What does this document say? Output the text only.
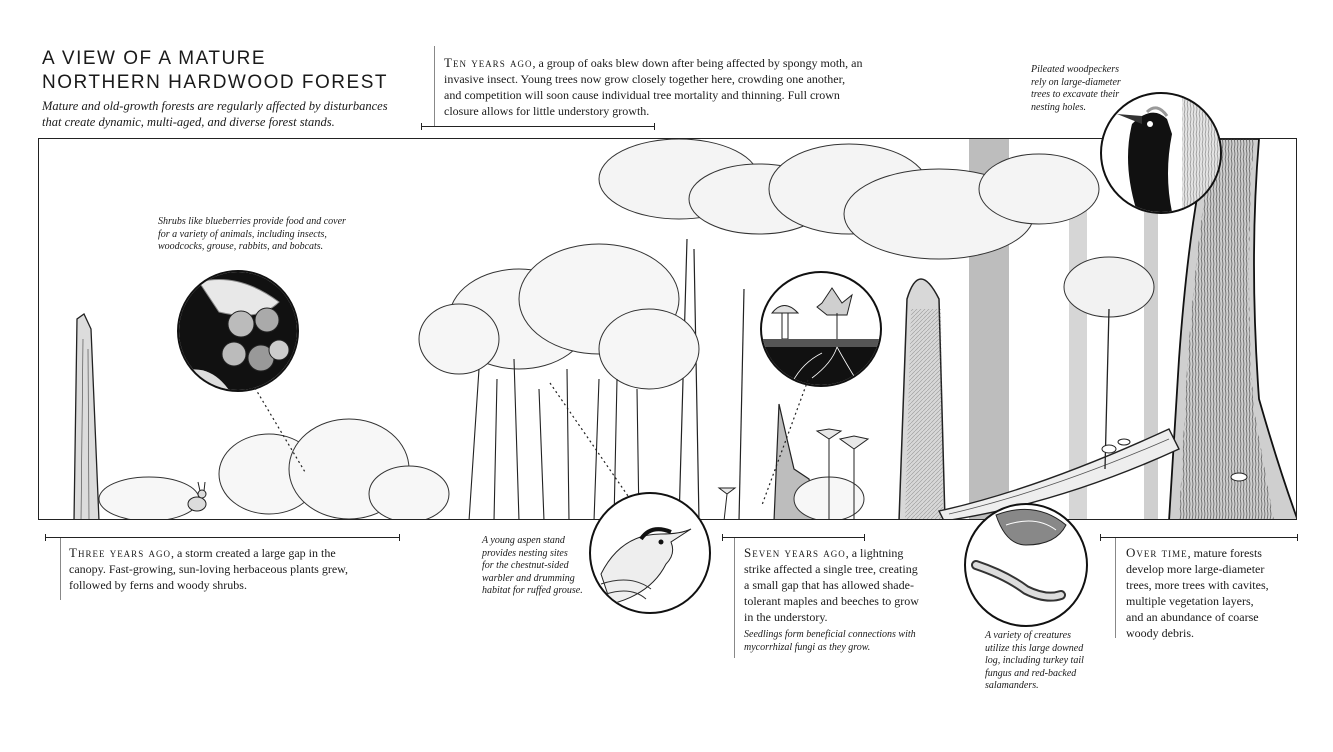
A VIEW OF A MATURE
NORTHERN HARDWOOD FOREST
Mature and old-growth forests are regularly affected by disturbances
that create dynamic, multi-aged, and diverse forest stands.
Ten years ago, a group of oaks blew down after being affected by spongy moth, an
invasive insect. Young trees now grow closely together here, crowding one another,
and competition will soon cause individual tree mortality and thinning. Full crown
closure allows for little understory growth.
Pileated woodpeckers
rely on large-diameter
trees to excavate their
nesting holes.
Shrubs like blueberries provide food and cover
for a variety of animals, including insects,
woodcocks, grouse, rabbits, and bobcats.
Three years ago, a storm created a large gap in the
canopy. Fast-growing, sun-loving herbaceous plants grew,
followed by ferns and woody shrubs.
A young aspen stand
provides nesting sites
for the chestnut-sided
warbler and drumming
habitat for ruffed grouse.
Seven years ago, a lightning
strike affected a single tree, creating
a small gap that has allowed shade-
tolerant maples and beeches to grow
in the understory.
Seedlings form beneficial connections with
mycorrhizal fungi as they grow.
A variety of creatures
utilize this large downed
log, including turkey tail
fungus and red-backed
salamanders.
Over time, mature forests
develop more large-diameter
trees, more trees with cavites,
multiple vegetation layers,
and an abundance of coarse
woody debris.
